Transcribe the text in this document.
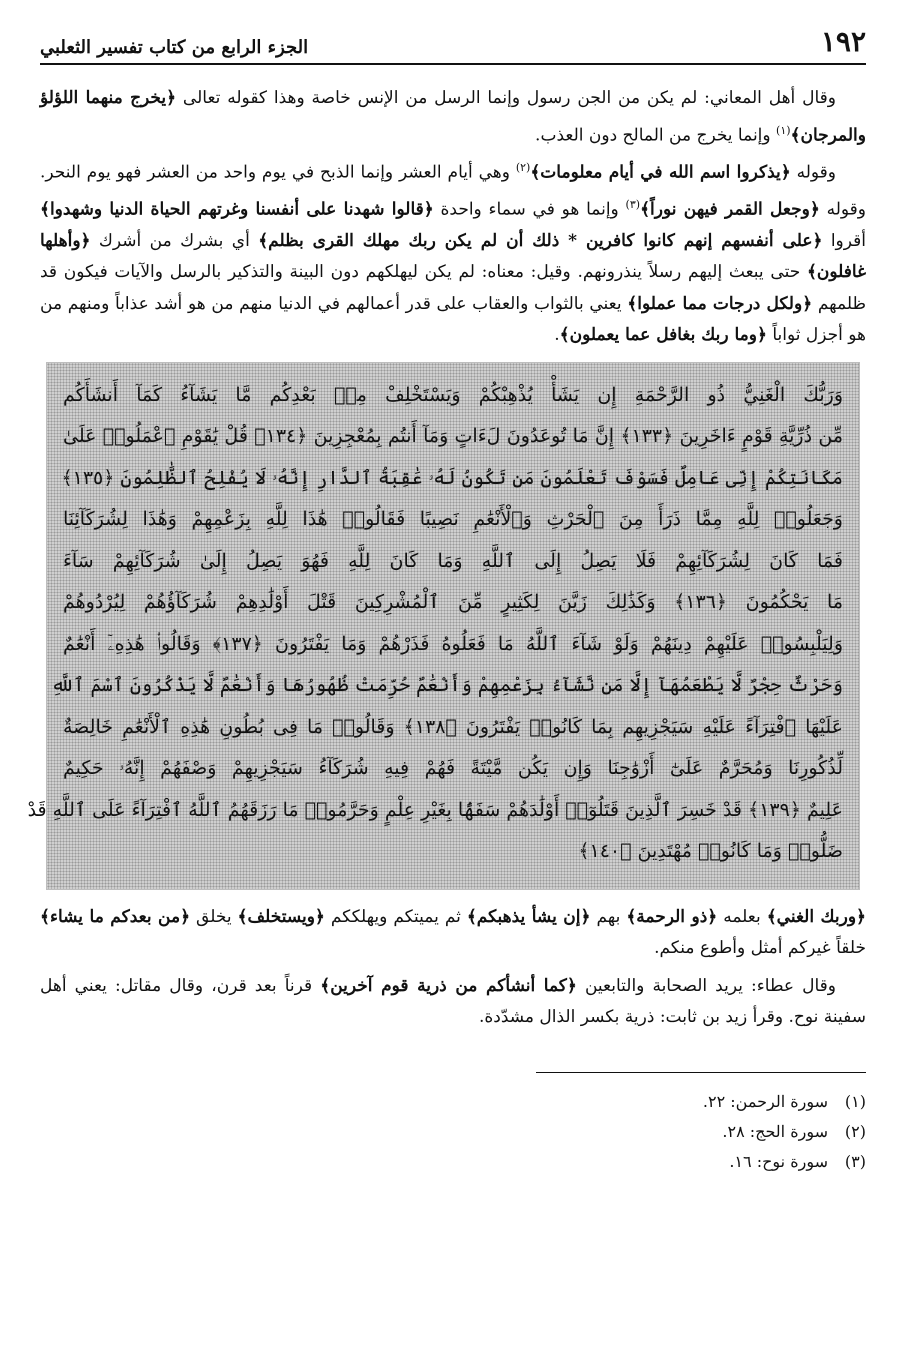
١٩٢
الجزء الرابع من كتاب تفسير الثعلبي

وقال أهل المعاني: لم يكن من الجن رسول وإنما الرسل من الإنس خاصة وهذا كقوله تعالى ﴿يخرج منهما اللؤلؤ والمرجان﴾$^{(١)}$ وإنما يخرج من المالح دون العذب.

وقوله ﴿يذكروا اسم الله في أيام معلومات﴾$^{(٢)}$ وهي أيام العشر وإنما الذبح في يوم واحد من العشر فهو يوم النحر. وقوله ﴿وجعل القمر فيهن نوراً﴾$^{(٣)}$ وإنما هو في سماء واحدة ﴿قالوا شهدنا على أنفسنا وغرتهم الحياة الدنيا وشهدوا﴾ أقروا ﴿على أنفسهم إنهم كانوا كافرين * ذلك أن لم يكن ربك مهلك القرى بظلم﴾ أي بشرك من أشرك ﴿وأهلها غافلون﴾ حتى يبعث إليهم رسلاً ينذرونهم. وقيل: معناه: لم يكن ليهلكهم دون البينة والتذكير بالرسل والآيات فيكون قد ظلمهم ﴿ولكل درجات مما عملوا﴾ يعني بالثواب والعقاب على قدر أعمالهم في الدنيا منهم من هو أشد عذاباً ومنهم من هو أجزل ثواباً ﴿وما ربك بغافل عما يعملون﴾.

وَرَبُّكَ الْغَنِيُّ ذُو الرَّحْمَةِ إِن يَشَأْ يُذْهِبْكُمْ وَيَسْتَخْلِفْ مِنۢ بَعْدِكُم مَّا يَشَآءُ كَمَآ أَنشَأَكُم
مِّن ذُرِّيَّةِ قَوْمٍ ءَاخَرِينَ ﴿١٣٣﴾ إِنَّ مَا تُوعَدُونَ لَءَاتٍ وَمَآ أَنتُم بِمُعْجِزِينَ ﴿١٣٤﴾ قُلْ يَٰقَوْمِ ٱعْمَلُوا۟ عَلَىٰ
مَكَانَتِكُمْ إِنِّى عَامِلٌ فَسَوْفَ تَعْلَمُونَ مَن تَكُونُ لَهُۥ عَٰقِبَةُ ٱلدَّارِ إِنَّهُۥ لَا يُفْلِحُ ٱلظَّٰلِمُونَ ﴿١٣٥﴾
وَجَعَلُوا۟ لِلَّهِ مِمَّا ذَرَأَ مِنَ ٱلْحَرْثِ وَٱلْأَنْعَٰمِ نَصِيبًا فَقَالُوا۟ هَٰذَا لِلَّهِ بِزَعْمِهِمْ وَهَٰذَا لِشُرَكَآئِنَا
فَمَا كَانَ لِشُرَكَآئِهِمْ فَلَا يَصِلُ إِلَى ٱللَّهِ وَمَا كَانَ لِلَّهِ فَهُوَ يَصِلُ إِلَىٰ شُرَكَآئِهِمْ سَآءَ
مَا يَحْكُمُونَ ﴿١٣٦﴾ وَكَذَٰلِكَ زَيَّنَ لِكَثِيرٍ مِّنَ ٱلْمُشْرِكِينَ قَتْلَ أَوْلَٰدِهِمْ شُرَكَآؤُهُمْ لِيُرْدُوهُمْ
وَلِيَلْبِسُوا۟ عَلَيْهِمْ دِينَهُمْ وَلَوْ شَآءَ ٱللَّهُ مَا فَعَلُوهُ فَذَرْهُمْ وَمَا يَفْتَرُونَ ﴿١٣٧﴾ وَقَالُوا۟ هَٰذِهِۦٓ أَنْعَٰمٌ
وَحَرْثٌ حِجْرٌ لَّا يَطْعَمُهَآ إِلَّا مَن نَّشَآءُ بِزَعْمِهِمْ وَأَنْعَٰمٌ حُرِّمَتْ ظُهُورُهَا وَأَنْعَٰمٌ لَّا يَذْكُرُونَ ٱسْمَ ٱللَّهِ
عَلَيْهَا ٱفْتِرَآءً عَلَيْهِ سَيَجْزِيهِم بِمَا كَانُوا۟ يَفْتَرُونَ ﴿١٣٨﴾ وَقَالُوا۟ مَا فِى بُطُونِ هَٰذِهِ ٱلْأَنْعَٰمِ خَالِصَةٌ
لِّذُكُورِنَا وَمُحَرَّمٌ عَلَىٰٓ أَزْوَٰجِنَا وَإِن يَكُن مَّيْتَةً فَهُمْ فِيهِ شُرَكَآءُ سَيَجْزِيهِمْ وَصْفَهُمْ إِنَّهُۥ حَكِيمٌ
عَلِيمٌ ﴿١٣٩﴾ قَدْ خَسِرَ ٱلَّذِينَ قَتَلُوٓا۟ أَوْلَٰدَهُمْ سَفَهًۢا بِغَيْرِ عِلْمٍ وَحَرَّمُوا۟ مَا رَزَقَهُمُ ٱللَّهُ ٱفْتِرَآءً عَلَى ٱللَّهِ قَدْ
ضَلُّوا۟ وَمَا كَانُوا۟ مُهْتَدِينَ ﴿١٤٠﴾

﴿وربك الغني﴾ بعلمه ﴿ذو الرحمة﴾ بهم ﴿إن يشأ يذهبكم﴾ ثم يميتكم ويهلككم ﴿ويستخلف﴾ يخلق ﴿من بعدكم ما يشاء﴾ خلقاً غيركم أمثل وأطوع منكم.

وقال عطاء: يريد الصحابة والتابعين ﴿كما أنشأكم من ذرية قوم آخرين﴾ قرناً بعد قرن، وقال مقاتل: يعني أهل سفينة نوح. وقرأ زيد بن ثابت: ذرية بكسر الذال مشدّدة.

(١)
سورة الرحمن: ٢٢.
(٢)
سورة الحج: ٢٨.
(٣)
سورة نوح: ١٦.
